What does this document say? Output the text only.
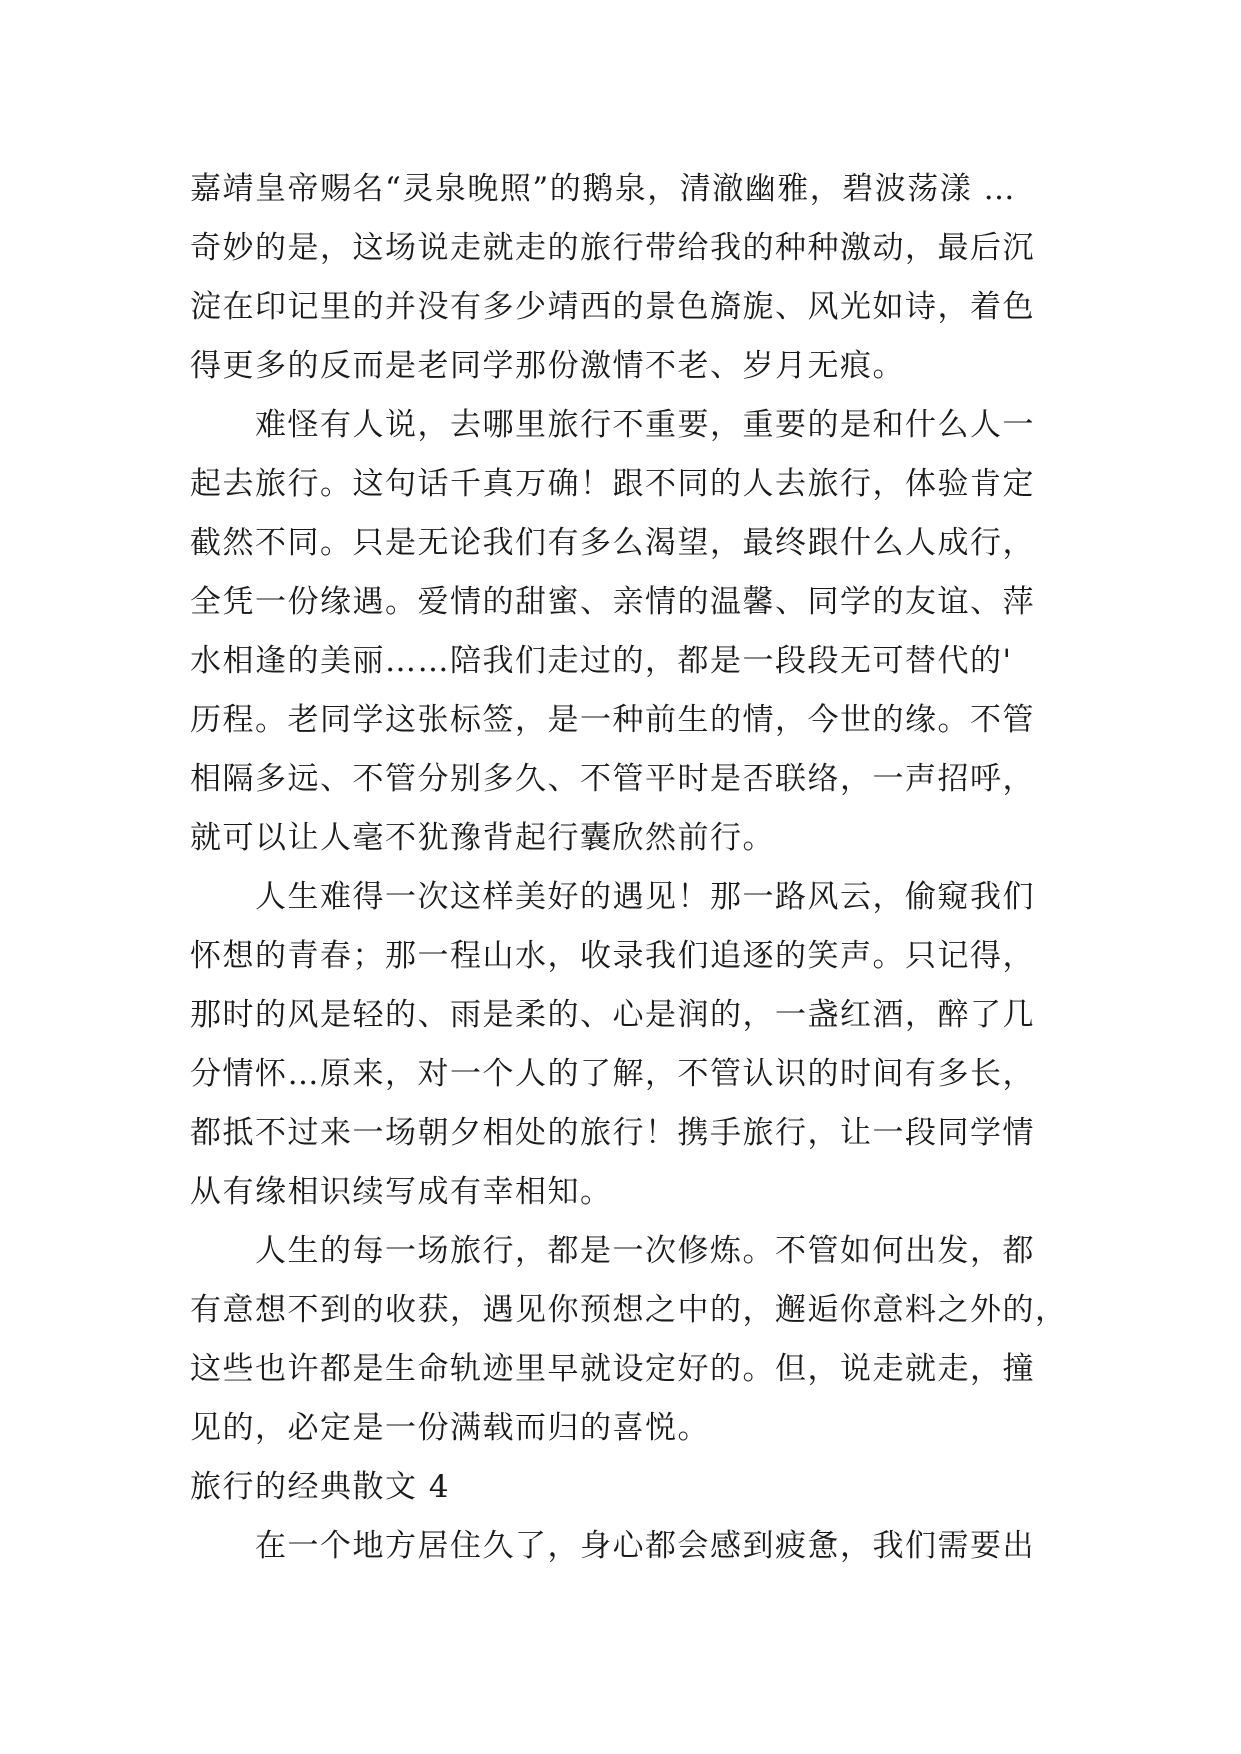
嘉靖皇帝赐名“灵泉晚照”的鹅泉，清澈幽雅，碧波荡漾 …
奇妙的是，这场说走就走的旅行带给我的种种激动，最后沉
淀在印记里的并没有多少靖西的景色旖旎、风光如诗，着色
得更多的反而是老同学那份激情不老、岁月无痕。
难怪有人说，去哪里旅行不重要，重要的是和什么人一
起去旅行。这句话千真万确！跟不同的人去旅行，体验肯定
截然不同。只是无论我们有多么渴望，最终跟什么人成行，
全凭一份缘遇。爱情的甜蜜、亲情的温馨、同学的友谊、萍
水相逢的美丽……陪我们走过的，都是一段段无可替代的'
历程。老同学这张标签，是一种前生的情，今世的缘。不管
相隔多远、不管分别多久、不管平时是否联络，一声招呼，
就可以让人毫不犹豫背起行囊欣然前行。
人生难得一次这样美好的遇见！那一路风云，偷窥我们
怀想的青春；那一程山水，收录我们追逐的笑声。只记得，
那时的风是轻的、雨是柔的、心是润的，一盏红酒，醉了几
分情怀…原来，对一个人的了解，不管认识的时间有多长，
都抵不过来一场朝夕相处的旅行！携手旅行，让一段同学情
从有缘相识续写成有幸相知。
人生的每一场旅行，都是一次修炼。不管如何出发，都
有意想不到的收获，遇见你预想之中的，邂逅你意料之外的，
这些也许都是生命轨迹里早就设定好的。但，说走就走，撞
见的，必定是一份满载而归的喜悦。
旅行的经典散文 4
在一个地方居住久了，身心都会感到疲惫，我们需要出
